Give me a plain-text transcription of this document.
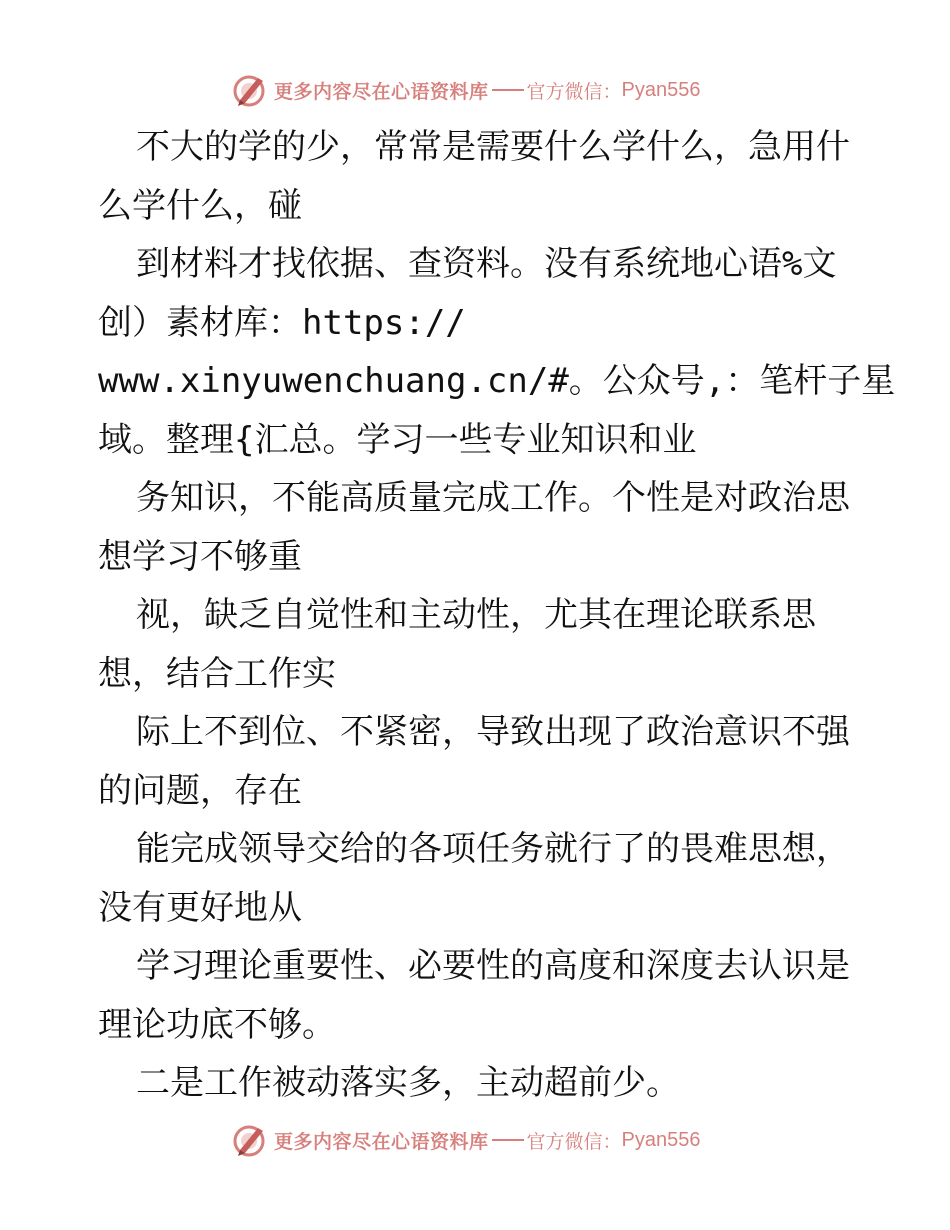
更多内容尽在心语资料库 官方微信： Pyan556
不大的学的少，常常是需要什么学什么，急用什
么学什么，碰
到材料才找依据、查资料。没有系统地心语%文
创）素材库：https://
www.xinyuwenchuang.cn/#。公众号,：笔杆子星
域。整理{汇总。学习一些专业知识和业
务知识，不能高质量完成工作。个性是对政治思
想学习不够重
视，缺乏自觉性和主动性，尤其在理论联系思
想，结合工作实
际上不到位、不紧密，导致出现了政治意识不强
的问题，存在
能完成领导交给的各项任务就行了的畏难思想，
没有更好地从
学习理论重要性、必要性的高度和深度去认识是
理论功底不够。
二是工作被动落实多，主动超前少。
更多内容尽在心语资料库 官方微信： Pyan556
